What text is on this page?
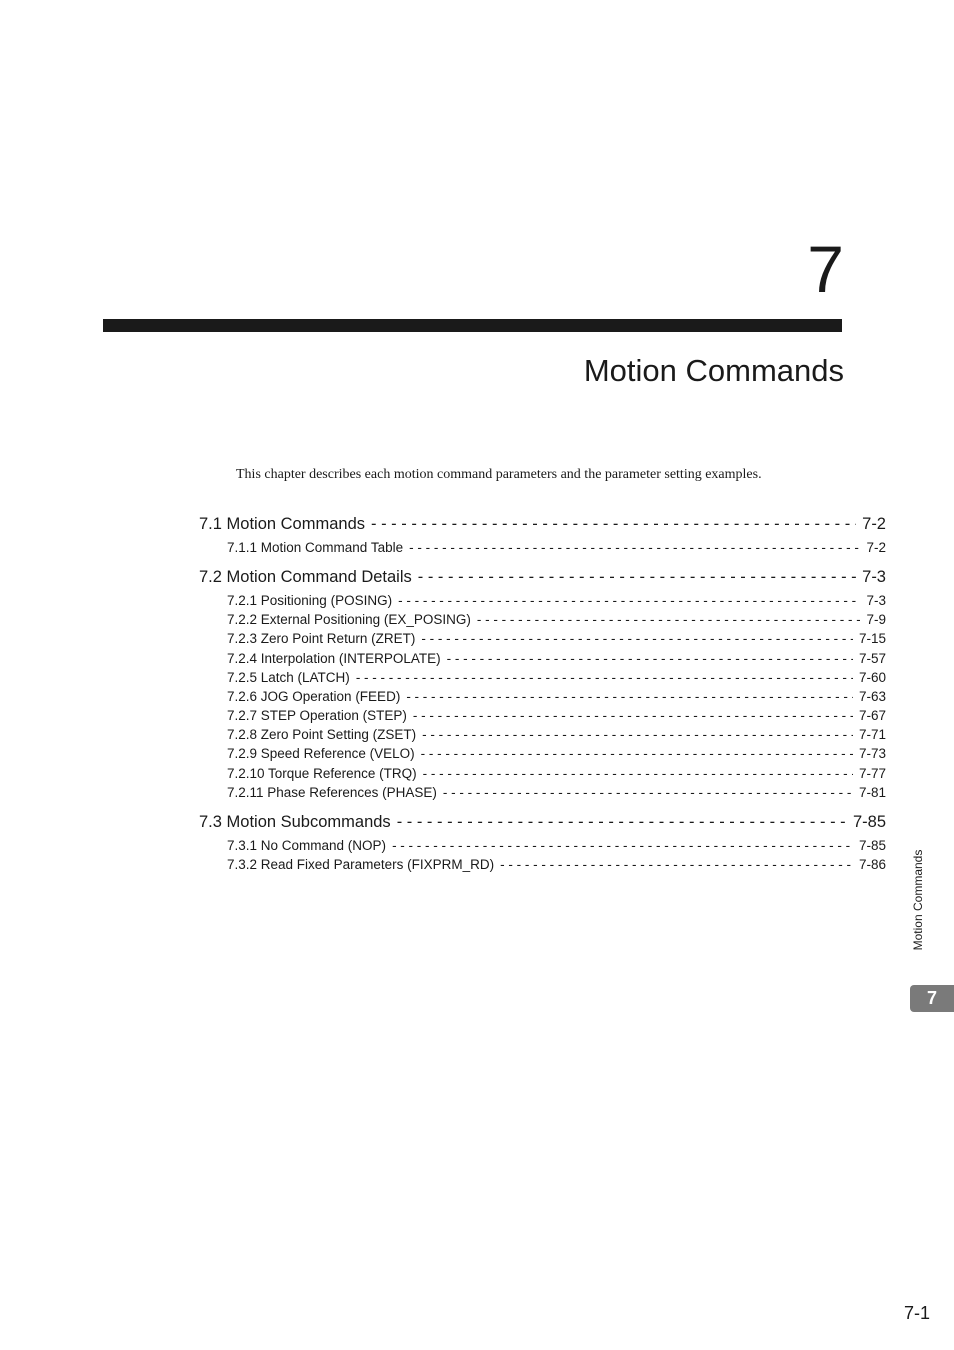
7
Motion Commands
This chapter describes each motion command parameters and the parameter setting examples.
7.1 Motion Commands - - -	7-2
7.1.1 Motion Command Table - - -	7-2
7.2 Motion Command Details - - -	7-3
7.2.1 Positioning (POSING) - - -	7-3
7.2.2 External Positioning (EX_POSING) - - -	7-9
7.2.3 Zero Point Return (ZRET) - - -	7-15
7.2.4 Interpolation (INTERPOLATE) - - -	7-57
7.2.5 Latch (LATCH) - - -	7-60
7.2.6 JOG Operation (FEED) - - -	7-63
7.2.7 STEP Operation (STEP) - - -	7-67
7.2.8 Zero Point Setting (ZSET) - - -	7-71
7.2.9 Speed Reference (VELO) - - -	7-73
7.2.10 Torque Reference (TRQ) - - -	7-77
7.2.11 Phase References (PHASE) - - -	7-81
7.3 Motion Subcommands - - -	7-85
7.3.1 No Command (NOP) - - -	7-85
7.3.2 Read Fixed Parameters (FIXPRM_RD) - - -	7-86 Motion Commands
7
7-1
